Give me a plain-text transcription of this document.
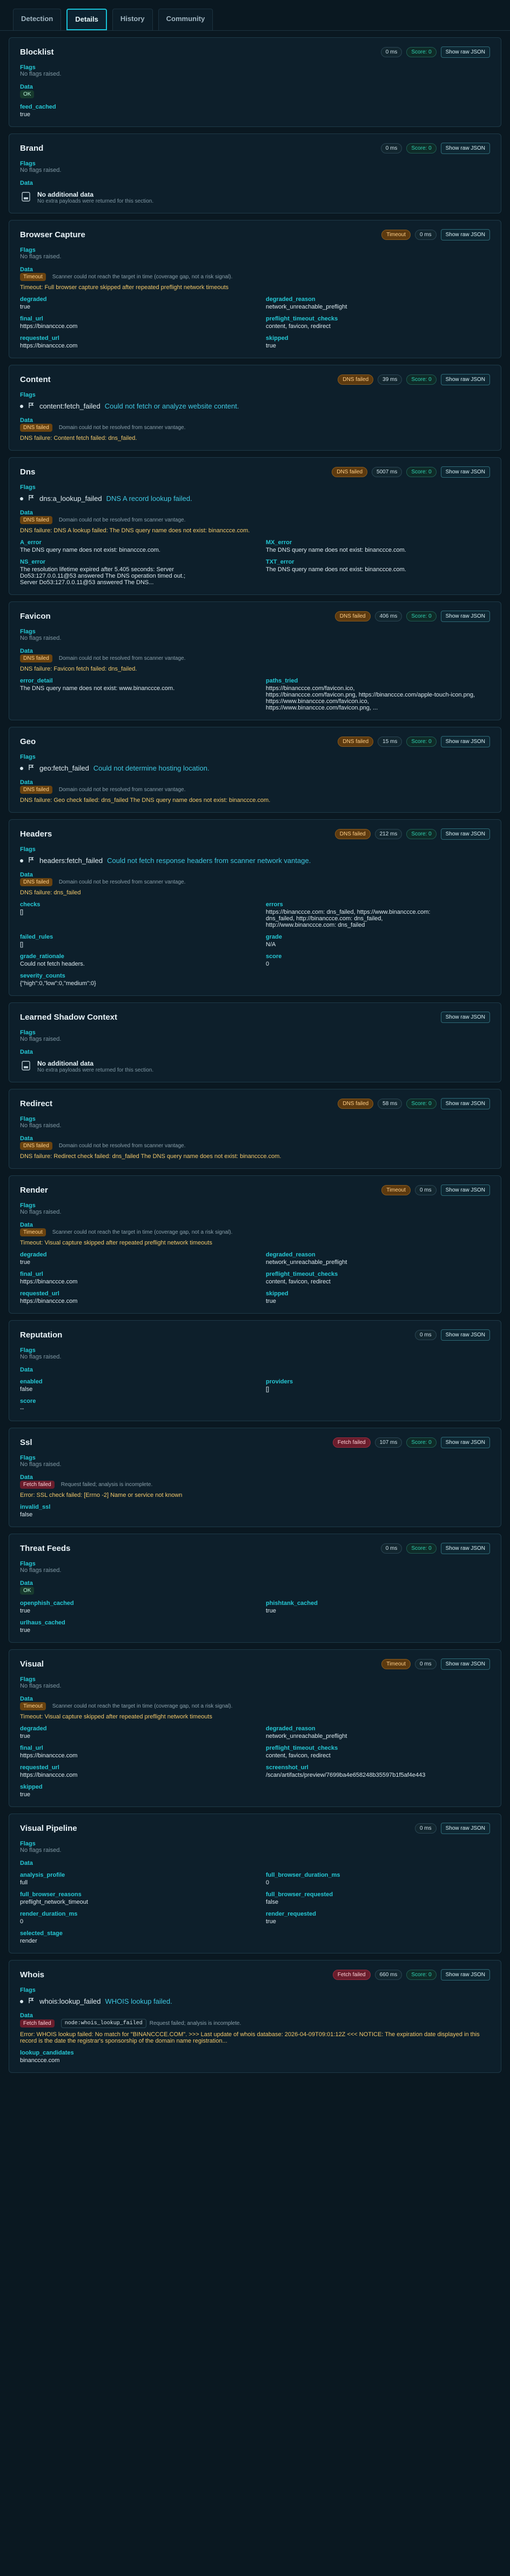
Detection	Details	History	Community
Blocklist	0 ms	Score: 0	Show raw JSON
Flags
No flags raised.
Data
OK
feed_cached
true
Brand	0 ms	Score: 0	Show raw JSON
Flags
No flags raised.
Data
No additional data
No extra payloads were returned for this section.
Browser Capture	Timeout	0 ms	Show raw JSON
Flags
No flags raised.
Data
Timeout	Scanner could not reach the target in time (coverage gap, not a risk signal).
Timeout: Full browser capture skipped after repeated preflight network timeouts
degraded
true
degraded_reason
network_unreachable_preflight
final_url
https://binanccce.com
preflight_timeout_checks
content, favicon, redirect
requested_url
https://binanccce.com
skipped
true
Content	DNS failed	39 ms	Score: 0	Show raw JSON
Flags
content:fetch_failed Could not fetch or analyze website content.
Data
DNS failed	Domain could not be resolved from scanner vantage.
DNS failure: Content fetch failed: dns_failed.
Dns	DNS failed	5007 ms	Score: 0	Show raw JSON
Flags
dns:a_lookup_failed DNS A record lookup failed.
Data
DNS failed	Domain could not be resolved from scanner vantage.
DNS failure: DNS A lookup failed: The DNS query name does not exist: binanccce.com.
A_error
The DNS query name does not exist: binanccce.com.
MX_error
The DNS query name does not exist: binanccce.com.
NS_error
The resolution lifetime expired after 5.405 seconds: Server
Do53:127.0.0.11@53 answered The DNS operation timed out.;
Server Do53:127.0.0.11@53 answered The DNS...
TXT_error
The DNS query name does not exist: binanccce.com.
Favicon	DNS failed	406 ms	Score: 0	Show raw JSON
Flags
No flags raised.
Data
DNS failed	Domain could not be resolved from scanner vantage.
DNS failure: Favicon fetch failed: dns_failed.
error_detail
The DNS query name does not exist: www.binanccce.com.
paths_tried
https://binanccce.com/favicon.ico,
https://binanccce.com/favicon.png, https://binanccce.com/apple-touch-icon.png, https://www.binanccce.com/favicon.ico,
https://www.binanccce.com/favicon.png, ...
Geo	DNS failed	15 ms	Score: 0	Show raw JSON
Flags
geo:fetch_failed Could not determine hosting location.
Data
DNS failed	Domain could not be resolved from scanner vantage.
DNS failure: Geo check failed: dns_failed The DNS query name does not exist: binanccce.com.
Headers	DNS failed	212 ms	Score: 0	Show raw JSON
Flags
headers:fetch_failed Could not fetch response headers from scanner network vantage.
Data
DNS failed	Domain could not be resolved from scanner vantage.
DNS failure: dns_failed
checks
[]
errors
https://binanccce.com: dns_failed, https://www.binanccce.com:
dns_failed, http://binanccce.com: dns_failed,
http://www.binanccce.com: dns_failed
failed_rules
[]
grade
N/A
grade_rationale
Could not fetch headers.
score
0
severity_counts
{"high":0,"low":0,"medium":0}
Learned Shadow Context	Show raw JSON
Flags
No flags raised.
Data
No additional data
No extra payloads were returned for this section.
Redirect	DNS failed	58 ms	Score: 0	Show raw JSON
Flags
No flags raised.
Data
DNS failed	Domain could not be resolved from scanner vantage.
DNS failure: Redirect check failed: dns_failed The DNS query name does not exist: binanccce.com.
Render	Timeout	0 ms	Show raw JSON
Flags
No flags raised.
Data
Timeout	Scanner could not reach the target in time (coverage gap, not a risk signal).
Timeout: Visual capture skipped after repeated preflight network timeouts
degraded
true
degraded_reason
network_unreachable_preflight
final_url
https://binanccce.com
preflight_timeout_checks
content, favicon, redirect
requested_url
https://binanccce.com
skipped
true
Reputation	0 ms	Show raw JSON
Flags
No flags raised.
Data
enabled
false
providers
[]
score
--
Ssl	Fetch failed	107 ms	Score: 0	Show raw JSON
Flags
No flags raised.
Data
Fetch failed	Request failed; analysis is incomplete.
Error: SSL check failed: [Errno -2] Name or service not known
invalid_ssl
false
Threat Feeds	0 ms	Score: 0	Show raw JSON
Flags
No flags raised.
Data
OK
openphish_cached
true
phishtank_cached
true
urlhaus_cached
true
Visual	Timeout	0 ms	Show raw JSON
Flags
No flags raised.
Data
Timeout	Scanner could not reach the target in time (coverage gap, not a risk signal).
Timeout: Visual capture skipped after repeated preflight network timeouts
degraded
true
degraded_reason
network_unreachable_preflight
final_url
https://binanccce.com
preflight_timeout_checks
content, favicon, redirect
requested_url
https://binanccce.com
screenshot_url
/scan/artifacts/preview/7699ba4e658248b35597b1f5af4e443
skipped
true
Visual Pipeline	0 ms	Show raw JSON
Flags
No flags raised.
Data
analysis_profile
full
full_browser_duration_ms
0
full_browser_reasons
preflight_network_timeout
full_browser_requested
false
render_duration_ms
0
render_requested
true
selected_stage
render
Whois	Fetch failed	660 ms	Score: 0	Show raw JSON
Flags
whois:lookup_failed WHOIS lookup failed.
Data
Fetch failed	node:whois_lookup_failed	Request failed; analysis is incomplete.
Error: WHOIS lookup failed: No match for "BINANCCCE.COM". >>> Last update of whois database: 2026-04-09T09:01:12Z <<< NOTICE: The expiration date displayed in this record is the date the registrar's sponsorship of the domain name registration...
lookup_candidates
binanccce.com
